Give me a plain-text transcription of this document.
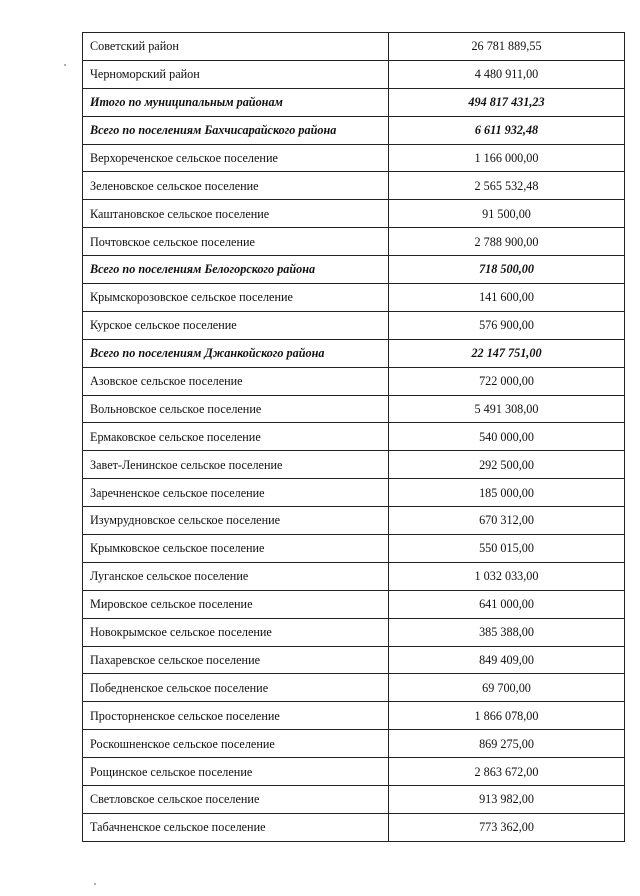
Советский район	26 781 889,55
Черноморский район	4 480 911,00
Итого по муниципальным районам	494 817 431,23
Всего по поселениям Бахчисарайского района	6 611 932,48
Верхореченское сельское поселение	1 166 000,00
Зеленовское сельское поселение	2 565 532,48
Каштановское сельское поселение	91 500,00
Почтовское сельское поселение	2 788 900,00
Всего по поселениям Белогорского района	718 500,00
Крымскорозовское сельское поселение	141 600,00
Курское сельское поселение	576 900,00
Всего по поселениям Джанкойского района	22 147 751,00
Азовское сельское поселение	722 000,00
Вольновское сельское поселение	5 491 308,00
Ермаковское сельское поселение	540 000,00
Завет-Ленинское сельское поселение	292 500,00
Заречненское сельское поселение	185 000,00
Изумрудновское сельское поселение	670 312,00
Крымковское сельское поселение	550 015,00
Луганское сельское поселение	1 032 033,00
Мировское сельское поселение	641 000,00
Новокрымское сельское поселение	385 388,00
Пахаревское сельское поселение	849 409,00
Победненское сельское поселение	69 700,00
Просторненское сельское поселение	1 866 078,00
Роскошненское сельское поселение	869 275,00
Рощинское сельское поселение	2 863 672,00
Светловское сельское поселение	913 982,00
Табачненское сельское поселение	773 362,00
